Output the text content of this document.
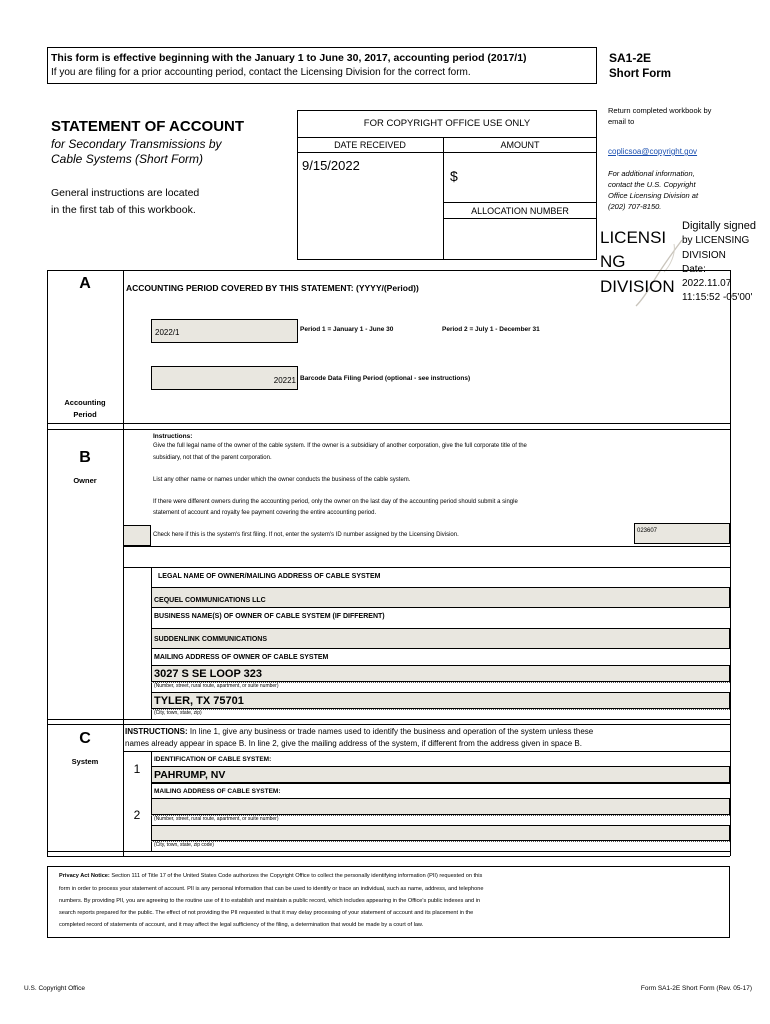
This form is effective beginning with the January 1 to June 30, 2017, accounting period (2017/1)
If you are filing for a prior accounting period, contact the Licensing Division for the correct form.
SA1-2E
Short Form
STATEMENT OF ACCOUNT
for Secondary Transmissions by
Cable Systems (Short Form)
General instructions are located
in the first tab of this workbook.
FOR COPYRIGHT OFFICE USE ONLY
DATE RECEIVED	AMOUNT
9/15/2022
$
ALLOCATION NUMBER
Return completed workbook by
email to
coplicsoa@copyright.gov
For additional information,
contact the U.S. Copyright
Office Licensing Division at
(202) 707-8150.
LICENSI
NG
DIVISION
Digitally signed
by LICENSING
DIVISION
Date:
2022.11.07
11:15:52 -05'00'
A
Accounting
Period
ACCOUNTING PERIOD COVERED BY THIS STATEMENT: (YYYY/(Period))
2022/1	Period 1 = January 1 - June 30	Period 2 = July 1 - December 31
20221 Barcode Data Filing Period (optional - see instructions)
B
Owner
Instructions:
Give the full legal name of the owner of the cable system. If the owner is a subsidiary of another corporation, give the full corporate title of the
subsidiary, not that of the parent corporation.
List any other name or names under which the owner conducts the business of the cable system.
If there were different owners during the accounting period, only the owner on the last day of the accounting period should submit a single
statement of account and royalty fee payment covering the entire accounting period.
Check here if this is the system's first filing. If not, enter the system's ID number assigned by the Licensing Division.
023607
LEGAL NAME OF OWNER/MAILING ADDRESS OF CABLE SYSTEM
CEQUEL COMMUNICATIONS LLC
BUSINESS NAME(S) OF OWNER OF CABLE SYSTEM (IF DIFFERENT)
SUDDENLINK COMMUNICATIONS
MAILING ADDRESS OF OWNER OF CABLE SYSTEM
3027 S SE LOOP 323
(Number, street, rural route, apartment, or suite number)
TYLER, TX 75701
(City, town, state, zip)
C
System
INSTRUCTIONS: In line 1, give any business or trade names used to identify the business and operation of the system unless these
names already appear in space B. In line 2, give the mailing address of the system, if different from the address given in space B.
1
IDENTIFICATION OF CABLE SYSTEM:
PAHRUMP, NV
MAILING ADDRESS OF CABLE SYSTEM:
2	(Number, street, rural route, apartment, or suite number)
(City, town, state, zip code)
Privacy Act Notice: Section 111 of Title 17 of the United States Code authorizes the Copyright Office to collect the personally identifying information (PII) requested on this
form in order to process your statement of account. PII is any personal information that can be used to identify or trace an individual, such as name, address, and telephone
numbers. By providing PII, you are agreeing to the routine use of it to establish and maintain a public record, which includes appearing in the Office's public indexes and in
search reports prepared for the public. The effect of not providing the PII requested is that it may delay processing of your statement of account and its placement in the
completed record of statements of account, and it may affect the legal sufficiency of the filing, a determination that would be made by a court of law.
U.S. Copyright Office	Form SA1-2E Short Form (Rev. 05-17)
